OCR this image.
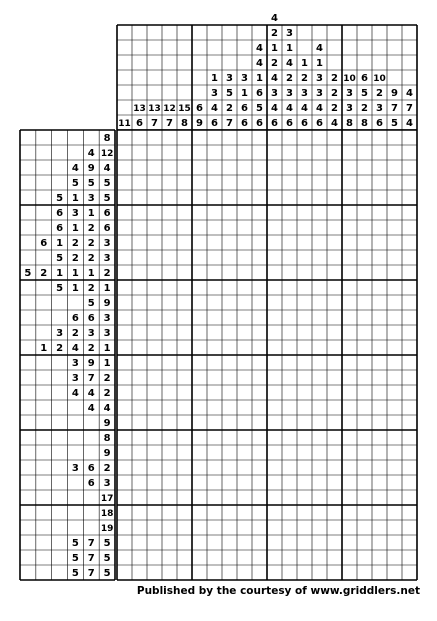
11
13
6
13
7
12
7
15
8
6
9
1
3
4
6
3
5
2
7
3
1
6
6
4
4
1
6
5
6
4
2
1
2
4
3
4
6
3
1
4
2
3
4
6
1
2
3
4
6
4
1
3
3
4
6
2
2
2
4
10
3
3
8
6
5
2
8
10
2
3
6
9
7
5
4
7
4
8
4 12
4 9 4
5 5 5
5 1 3 5
6 3 1 6
6 1 2 6
6 1 2 2 3
5 2 2 3
5 2 1 1 1 2
5 1 2 1
5 9
6 6 3
3 2 3 3
1 2 4 2 1
3 9 1
3 7 2
4 4 2
4 4
9
8
9
3 6 2
6 3
17
18
19
5 7 5
5 7 5
5 7 5
Published by the courtesy of www.griddlers.net
